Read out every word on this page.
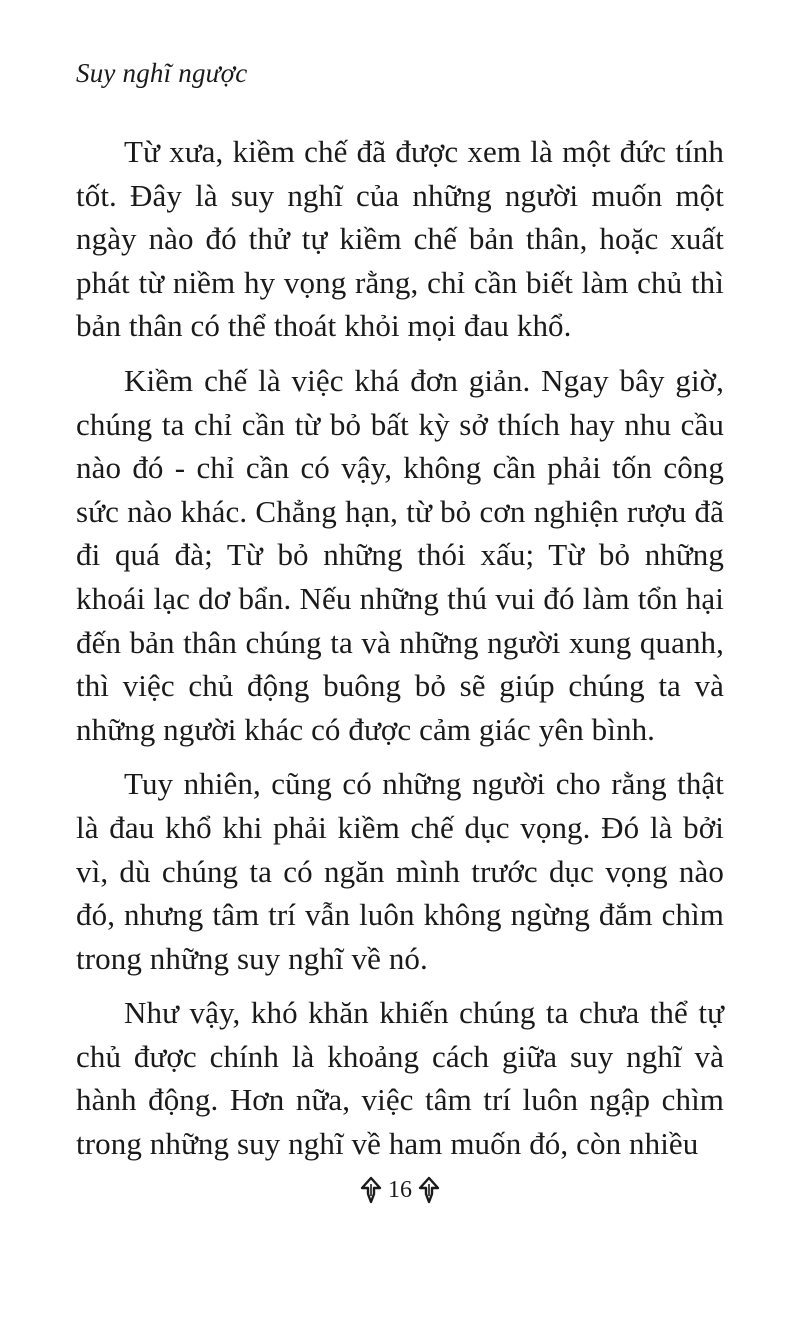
Suy nghĩ ngược

Từ xưa, kiềm chế đã được xem là một đức tính tốt. Đây là suy nghĩ của những người muốn một ngày nào đó thử tự kiềm chế bản thân, hoặc xuất phát từ niềm hy vọng rằng, chỉ cần biết làm chủ thì bản thân có thể thoát khỏi mọi đau khổ.

Kiềm chế là việc khá đơn giản. Ngay bây giờ, chúng ta chỉ cần từ bỏ bất kỳ sở thích hay nhu cầu nào đó - chỉ cần có vậy, không cần phải tốn công sức nào khác. Chẳng hạn, từ bỏ cơn nghiện rượu đã đi quá đà; Từ bỏ những thói xấu; Từ bỏ những khoái lạc dơ bẩn. Nếu những thú vui đó làm tổn hại đến bản thân chúng ta và những người xung quanh, thì việc chủ động buông bỏ sẽ giúp chúng ta và những người khác có được cảm giác yên bình.

Tuy nhiên, cũng có những người cho rằng thật là đau khổ khi phải kiềm chế dục vọng. Đó là bởi vì, dù chúng ta có ngăn mình trước dục vọng nào đó, nhưng tâm trí vẫn luôn không ngừng đắm chìm trong những suy nghĩ về nó.

Như vậy, khó khăn khiến chúng ta chưa thể tự chủ được chính là khoảng cách giữa suy nghĩ và hành động. Hơn nữa, việc tâm trí luôn ngập chìm trong những suy nghĩ về ham muốn đó, còn nhiều

16
